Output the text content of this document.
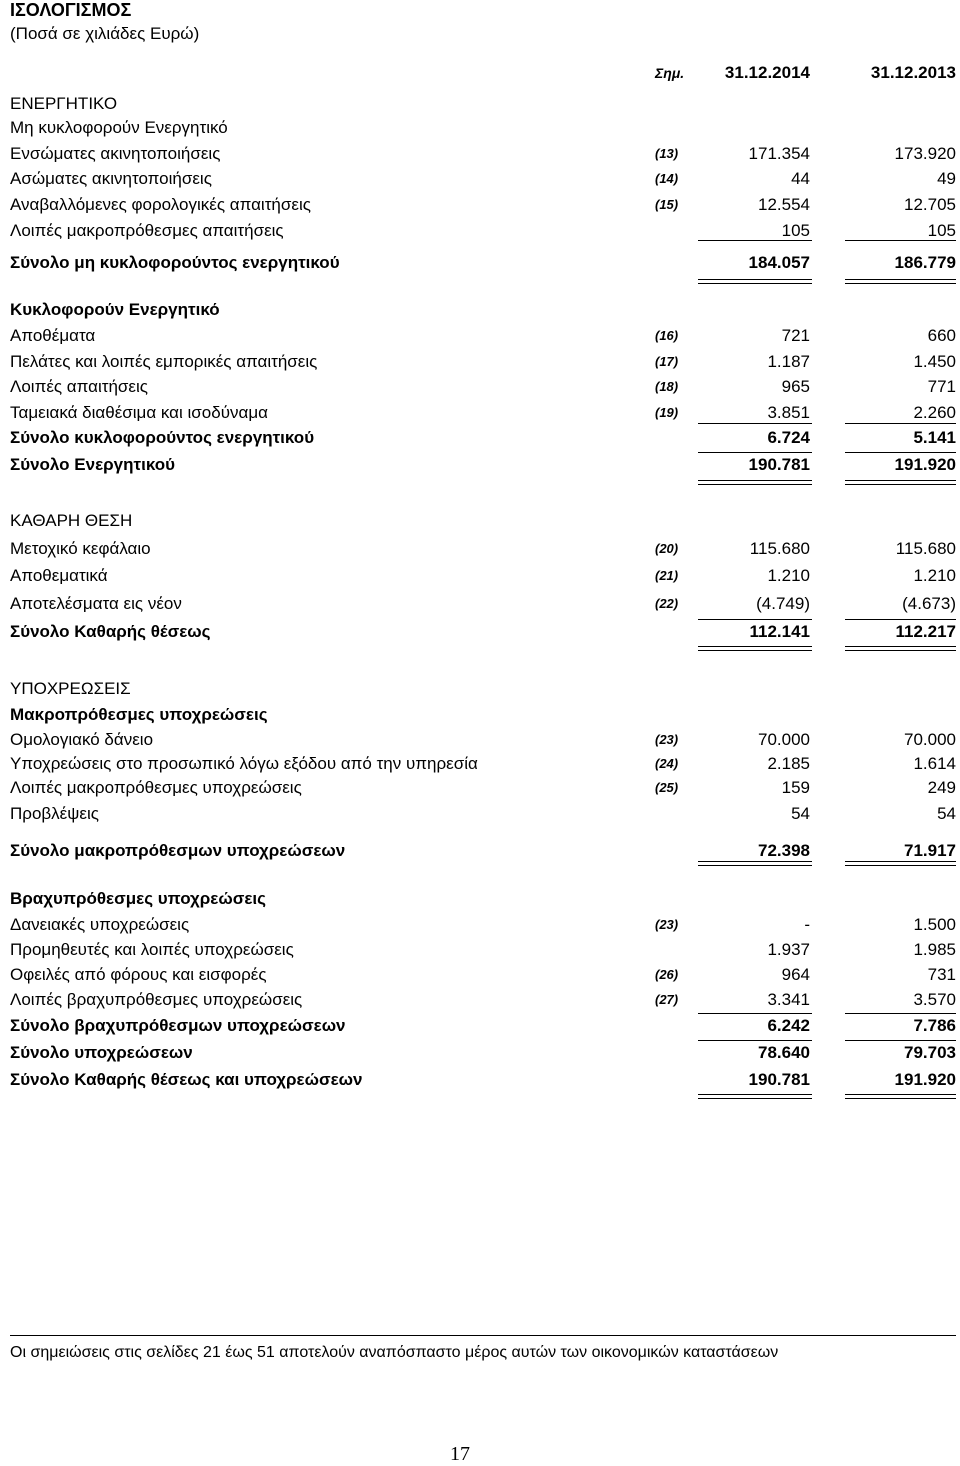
ΙΣΟΛΟΓΙΣΜΟΣ
(Ποσά σε χιλιάδες Ευρώ)
Σημ.	31.12.2014	31.12.2013
ΕΝΕΡΓΗΤΙΚΟ
Μη κυκλοφορούν Ενεργητικό
Ενσώματες ακινητοποιήσεις	(13)	171.354	173.920
Ασώματες ακινητοποιήσεις	(14)	44	49
Αναβαλλόμενες φορολογικές απαιτήσεις	(15)	12.554	12.705
Λοιπές μακροπρόθεσμες απαιτήσεις	105	105
Σύνολο μη κυκλοφορούντος ενεργητικού	184.057	186.779
Κυκλοφορούν Ενεργητικό
Αποθέματα	(16)	721	660
Πελάτες και λοιπές εμπορικές απαιτήσεις	(17)	1.187	1.450
Λοιπές απαιτήσεις	(18)	965	771
Ταμειακά διαθέσιμα και ισοδύναμα	(19)	3.851	2.260
Σύνολο κυκλοφορούντος ενεργητικού	6.724	5.141
Σύνολο Ενεργητικού	190.781	191.920
ΚΑΘΑΡΗ ΘΕΣΗ
Μετοχικό κεφάλαιο	(20)	115.680	115.680
Αποθεματικά	(21)	1.210	1.210
Αποτελέσματα εις νέον	(22)	(4.749)	(4.673)
Σύνολο Καθαρής θέσεως	112.141	112.217
ΥΠΟΧΡΕΩΣΕΙΣ
Μακροπρόθεσμες υποχρεώσεις
Ομολογιακό δάνειο	(23)	70.000	70.000
Υποχρεώσεις στο προσωπικό λόγω εξόδου από την υπηρεσία	(24)	2.185	1.614
Λοιπές μακροπρόθεσμες υποχρεώσεις	(25)	159	249
Προβλέψεις	54	54
Σύνολο μακροπρόθεσμων υποχρεώσεων	72.398	71.917
Βραχυπρόθεσμες υποχρεώσεις
Δανειακές υποχρεώσεις	(23)	-	1.500
Προμηθευτές και λοιπές υποχρεώσεις	1.937	1.985
Οφειλές από φόρους και εισφορές	(26)	964	731
Λοιπές βραχυπρόθεσμες υποχρεώσεις	(27)	3.341	3.570
Σύνολο βραχυπρόθεσμων υποχρεώσεων	6.242	7.786
Σύνολο υποχρεώσεων	78.640	79.703
Σύνολο Καθαρής θέσεως και υποχρεώσεων	190.781	191.920
Οι σημειώσεις στις σελίδες 21 έως 51 αποτελούν αναπόσπαστο μέρος αυτών των οικονομικών καταστάσεων
17
